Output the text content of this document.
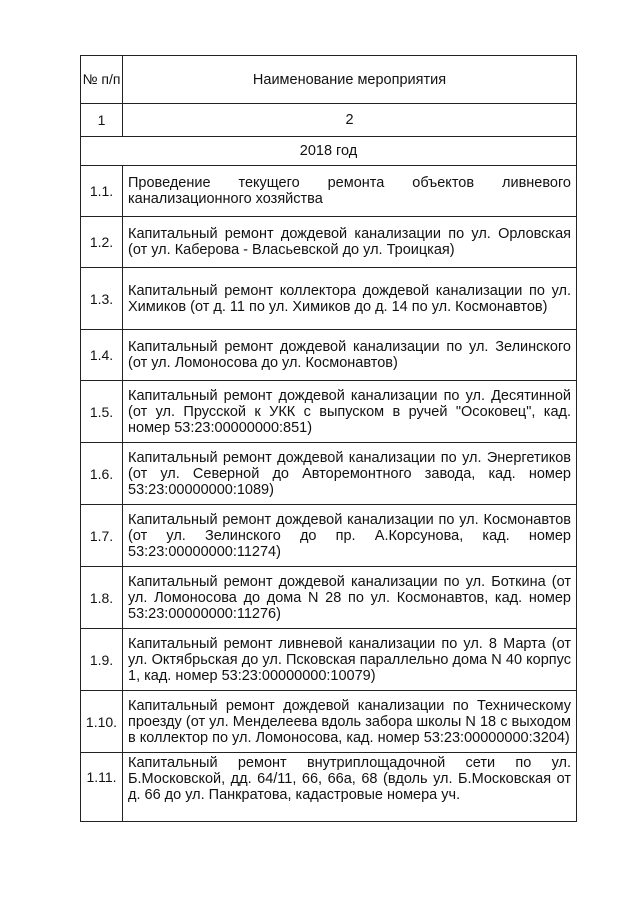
№ п/п	Наименование мероприятия
1	2
2018 год	
1.1.	Проведение текущего ремонта объектов ливневого канализационного хозяйства
1.2.	Капитальный ремонт дождевой канализации по ул. Орловская (от ул. Каберова - Власьевской до ул. Троицкая)
1.3.	Капитальный ремонт коллектора дождевой канализации по ул. Химиков (от д. 11 по ул. Химиков до д. 14 по ул. Космонавтов)
1.4.	Капитальный ремонт дождевой канализации по ул. Зелинского (от ул. Ломоносова до ул. Космонавтов)
1.5.	Капитальный ремонт дождевой канализации по ул. Десятинной (от ул. Прусской к УКК с выпуском в ручей "Осоковец", кад. номер 53:23:00000000:851)
1.6.	Капитальный ремонт дождевой канализации по ул. Энергетиков (от ул. Северной до Авторемонтного завода, кад. номер 53:23:00000000:1089)
1.7.	Капитальный ремонт дождевой канализации по ул. Космонавтов (от ул. Зелинского до пр. А.Корсунова, кад. номер 53:23:00000000:11274)
1.8.	Капитальный ремонт дождевой канализации по ул. Боткина (от ул. Ломоносова до дома N 28 по ул. Космонавтов, кад. номер 53:23:00000000:11276)
1.9.	Капитальный ремонт ливневой канализации по ул. 8 Марта (от ул. Октябрьская до ул. Псковская параллельно дома N 40 корпус 1, кад. номер 53:23:00000000:10079)
1.10.	Капитальный ремонт дождевой канализации по Техническому проезду (от ул. Менделеева вдоль забора школы N 18 с выходом в коллектор по ул. Ломоносова, кад. номер 53:23:00000000:3204)
1.11.	Капитальный ремонт внутриплощадочной сети по ул. Б.Московской, дд. 64/11, 66, 66а, 68 (вдоль ул. Б.Московская от д. 66 до ул. Панкратова, кадастровые номера уч.
